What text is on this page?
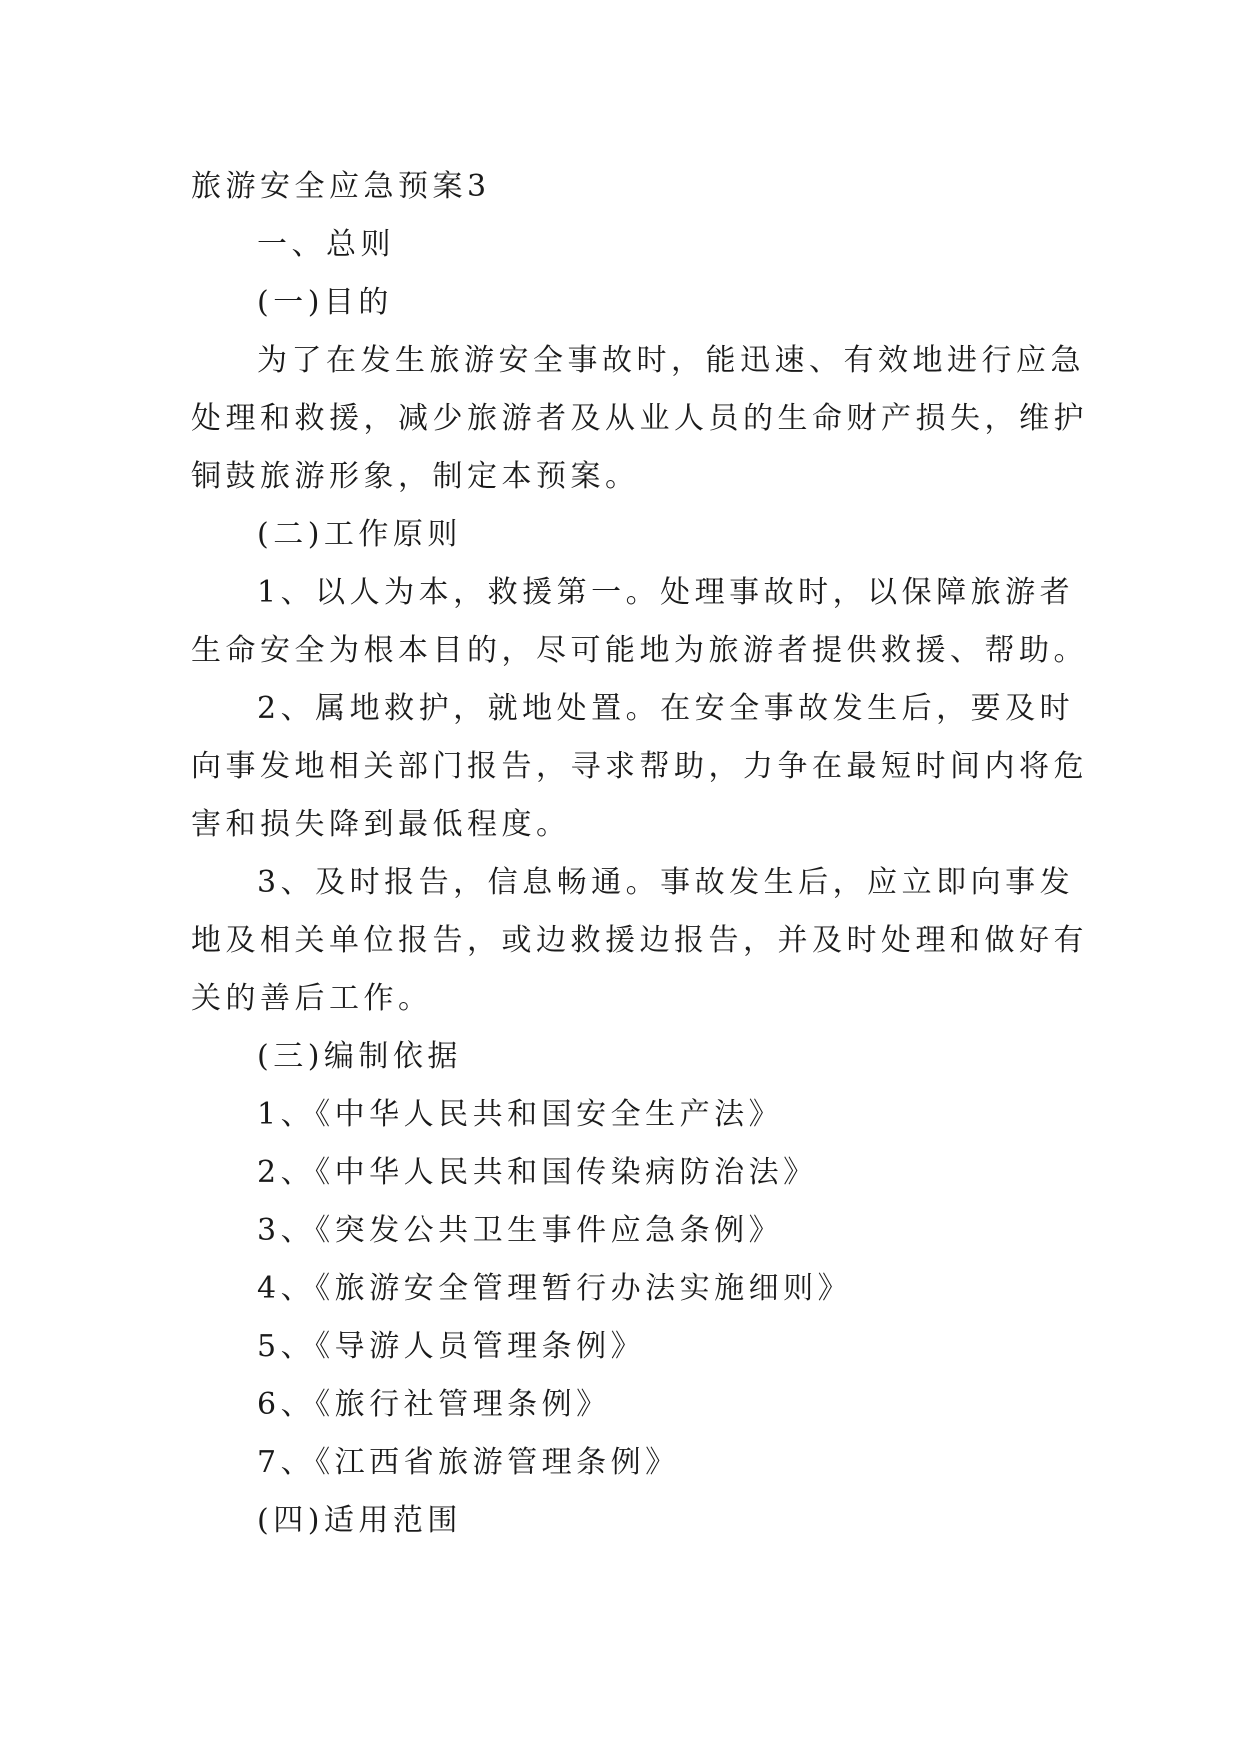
旅游安全应急预案3
一、总则
(一)目的
为了在发生旅游安全事故时，能迅速、有效地进行应急
处理和救援，减少旅游者及从业人员的生命财产损失，维护
铜鼓旅游形象，制定本预案。
(二)工作原则
1、以人为本，救援第一。处理事故时，以保障旅游者
生命安全为根本目的，尽可能地为旅游者提供救援、帮助。
2、属地救护，就地处置。在安全事故发生后，要及时
向事发地相关部门报告，寻求帮助，力争在最短时间内将危
害和损失降到最低程度。
3、及时报告，信息畅通。事故发生后，应立即向事发
地及相关单位报告，或边救援边报告，并及时处理和做好有
关的善后工作。
(三)编制依据
1、《中华人民共和国安全生产法》
2、《中华人民共和国传染病防治法》
3、《突发公共卫生事件应急条例》
4、《旅游安全管理暂行办法实施细则》
5、《导游人员管理条例》
6、《旅行社管理条例》
7、《江西省旅游管理条例》
(四)适用范围
